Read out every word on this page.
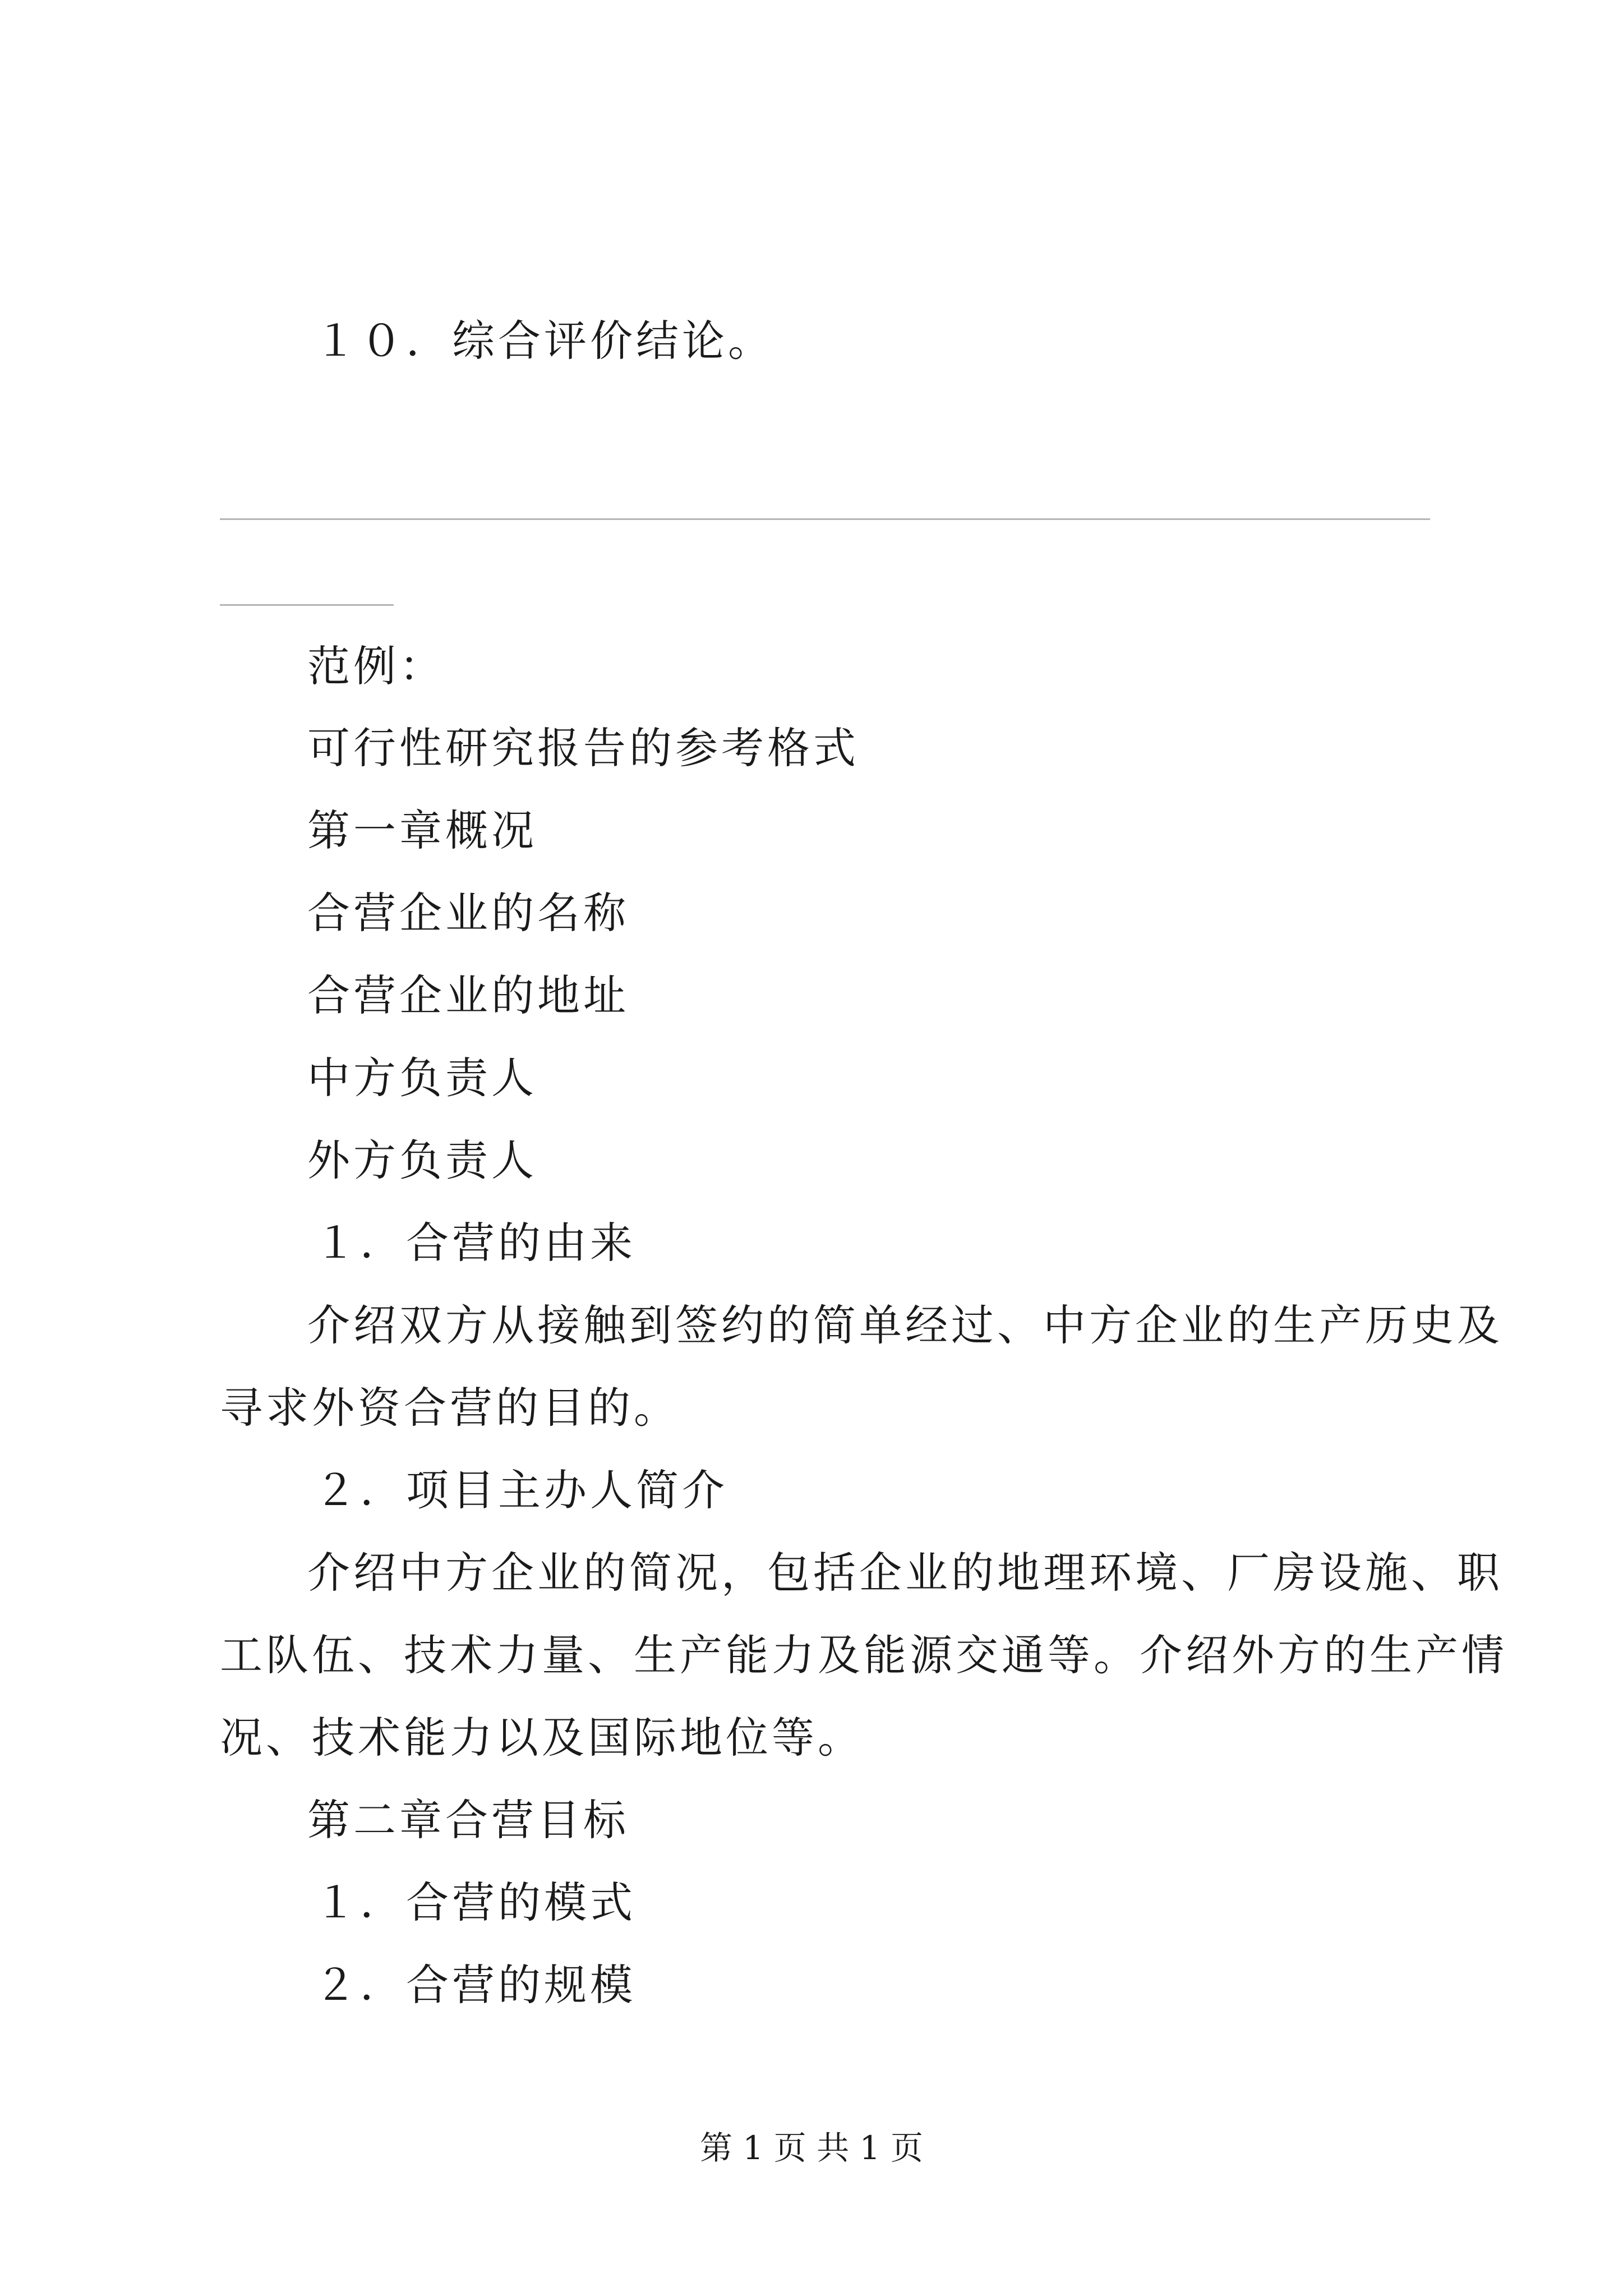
１０．综合评价结论。
范例：
可行性研究报告的参考格式
第一章概况
合营企业的名称
合营企业的地址
中方负责人
外方负责人
１．合营的由来
介绍双方从接触到签约的简单经过、中方企业的生产历史及
寻求外资合营的目的。
２．项目主办人简介
介绍中方企业的简况，包括企业的地理环境、厂房设施、职
工队伍、技术力量、生产能力及能源交通等。介绍外方的生产情
况、技术能力以及国际地位等。
第二章合营目标
１．合营的模式
２．合营的规模
第 1 页 共 1 页
